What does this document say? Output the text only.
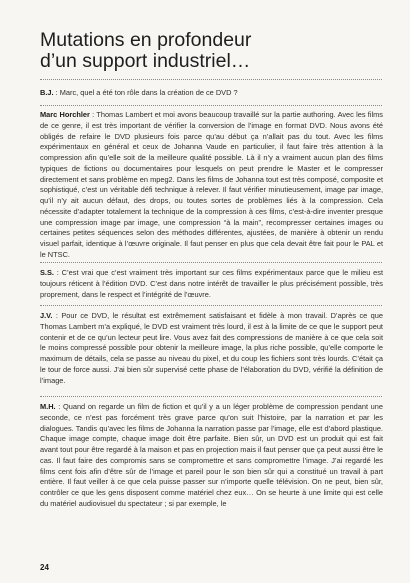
Mutations en profondeur
d’un support industriel…

B.J. : Marc, quel a été ton rôle dans la création de ce DVD ?

Marc Horchler : Thomas Lambert et moi avons beaucoup travaillé sur la partie authoring. Avec les films de ce genre, il est très important de vérifier la conversion de l’image en format DVD. Nous avons été obligés de refaire le DVD plusieurs fois parce qu’au début ça n’allait pas du tout. Avec les films expérimentaux en général et ceux de Johanna Vaude en particulier, il faut faire très attention à la compression afin qu’elle soit de la meilleure qualité possible. Là il n’y a vraiment aucun plan des films typiques de fictions ou documentaires pour lesquels on peut prendre le Master et le compresser directement et sans problème en mpeg2. Dans les films de Johanna tout est très composé, composite et sophistiqué, c’est un véritable défi technique à relever. Il faut vérifier minutieusement, image par image, qu’il n’y ait aucun défaut, des drops, ou toutes sortes de problèmes liés à la compression. Cela nécessite d’adapter totalement la technique de la compression à ces films, c’est-à-dire inventer presque une compression image par image, une compression “à la main”, recompresser certaines images ou certaines petites séquences selon des méthodes différentes, ajustées, de manière à obtenir un rendu visuel parfait, identique à l’œuvre originale. Il faut penser en plus que cela devait être fait pour le PAL et le NTSC.

S.S. : C’est vrai que c’est vraiment très important sur ces films expérimentaux parce que le milieu est toujours réticent à l’édition DVD. C’est dans notre intérêt de travailler le plus précisément possible, très proprement, dans le respect et l’intégrité de l’œuvre.

J.V. : Pour ce DVD, le résultat est extrêmement satisfaisant et fidèle à mon travail. D’après ce que Thomas Lambert m’a expliqué, le DVD est vraiment très lourd, il est à la limite de ce que le support peut contenir et de ce qu’un lecteur peut lire. Vous avez fait des compressions de manière à ce que cela soit le moins compressé possible pour obtenir la meilleure image, la plus riche possible, qu’elle comporte le maximum de détails, cela se passe au niveau du pixel, et du coup les fichiers sont très lourds. C’était ça le tour de force aussi. J’ai bien sûr supervisé cette phase de l’élaboration du DVD, vérifié la définition de l’image.

M.H. : Quand on regarde un film de fiction et qu’il y a un léger problème de compression pendant une seconde, ce n’est pas forcément très grave parce qu’on suit l’histoire, par la narration et par les dialogues. Tandis qu’avec les films de Johanna la narration passe par l’image, elle est d’abord plastique. Chaque image compte, chaque image doit être parfaite. Bien sûr, un DVD est un produit qui est fait avant tout pour être regardé à la maison et pas en projection mais il faut penser que ça peut aussi être le cas. Il faut faire des compromis sans se compromettre et sans compromettre l’image. J’ai regardé les films cent fois afin d’être sûr de l’image et pareil pour le son bien sûr qui a constitué un travail à part entière. Il faut veiller à ce que cela puisse passer sur n’importe quelle télévision. On ne peut, bien sûr, contrôler ce que les gens disposent comme matériel chez eux… On se heurte à une limite qui est celle du matériel audiovisuel du spectateur ; si par exemple, le

24
